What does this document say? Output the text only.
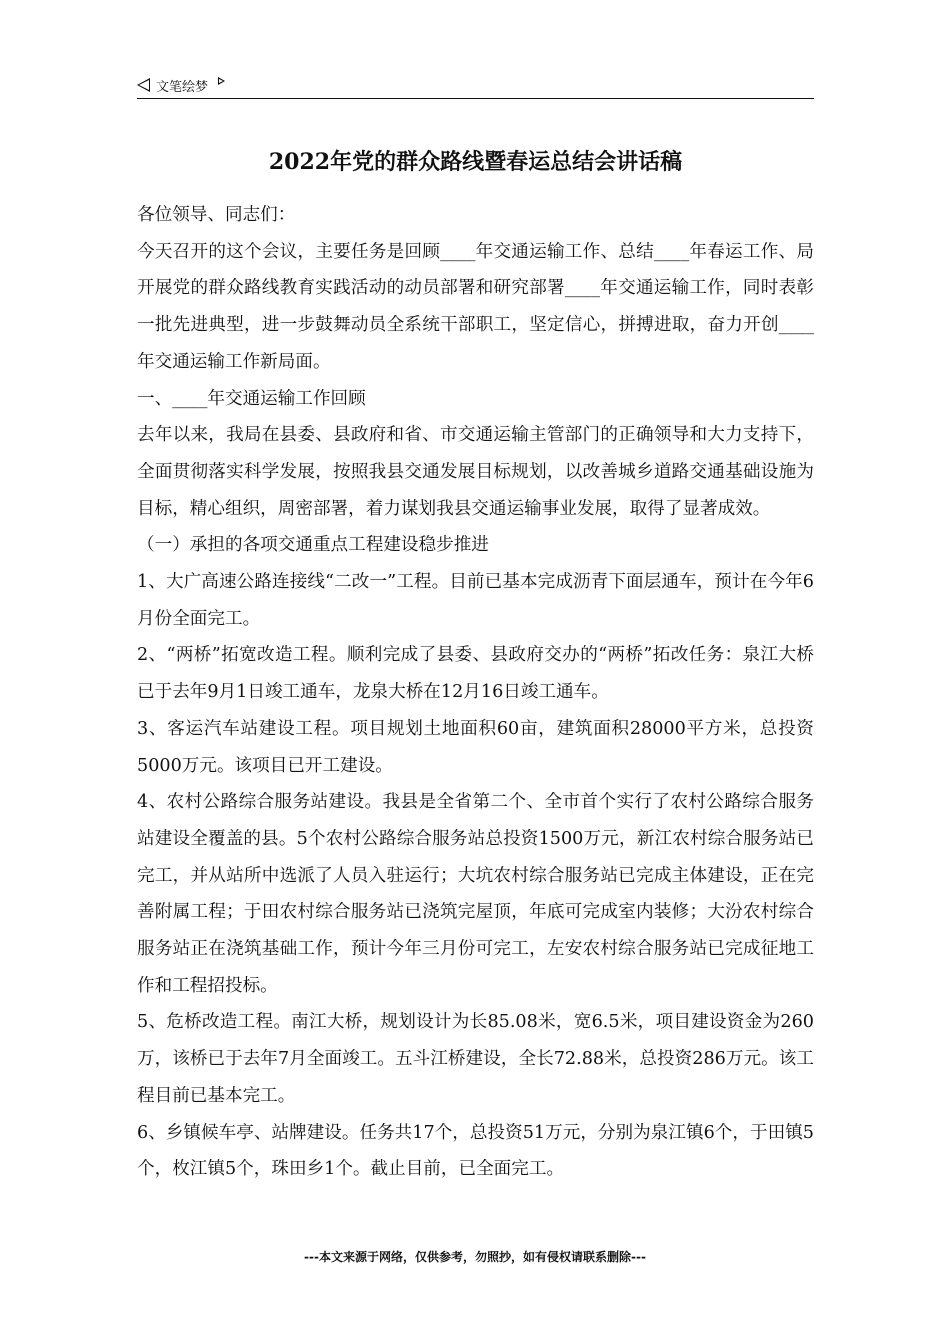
文笔绘梦
2022年党的群众路线暨春运总结会讲话稿

各位领导、同志们：

今天召开的这个会议，主要任务是回顾____年交通运输工作、总结____年春运工作、局开展党的群众路线教育实践活动的动员部署和研究部署____年交通运输工作，同时表彰一批先进典型，进一步鼓舞动员全系统干部职工，坚定信心，拼搏进取，奋力开创____年交通运输工作新局面。

一、____年交通运输工作回顾

去年以来，我局在县委、县政府和省、市交通运输主管部门的正确领导和大力支持下，全面贯彻落实科学发展，按照我县交通发展目标规划，以改善城乡道路交通基础设施为目标，精心组织，周密部署，着力谋划我县交通运输事业发展，取得了显著成效。

（一）承担的各项交通重点工程建设稳步推进

1、大广高速公路连接线“二改一”工程。目前已基本完成沥青下面层通车，预计在今年6月份全面完工。

2、“两桥”拓宽改造工程。顺利完成了县委、县政府交办的“两桥”拓改任务：泉江大桥已于去年9月1日竣工通车，龙泉大桥在12月16日竣工通车。

3、客运汽车站建设工程。项目规划土地面积60亩，建筑面积28000平方米，总投资5000万元。该项目已开工建设。

4、农村公路综合服务站建设。我县是全省第二个、全市首个实行了农村公路综合服务站建设全覆盖的县。5个农村公路综合服务站总投资1500万元，新江农村综合服务站已完工，并从站所中选派了人员入驻运行；大坑农村综合服务站已完成主体建设，正在完善附属工程；于田农村综合服务站已浇筑完屋顶，年底可完成室内装修；大汾农村综合服务站正在浇筑基础工作，预计今年三月份可完工，左安农村综合服务站已完成征地工作和工程招投标。

5、危桥改造工程。南江大桥，规划设计为长85.08米，宽6.5米，项目建设资金为260万，该桥已于去年7月全面竣工。五斗江桥建设，全长72.88米，总投资286万元。该工程目前已基本完工。

6、乡镇候车亭、站牌建设。任务共17个，总投资51万元，分别为泉江镇6个，于田镇5个，枚江镇5个，珠田乡1个。截止目前，已全面完工。

---本文来源于网络，仅供参考，勿照抄，如有侵权请联系删除---
